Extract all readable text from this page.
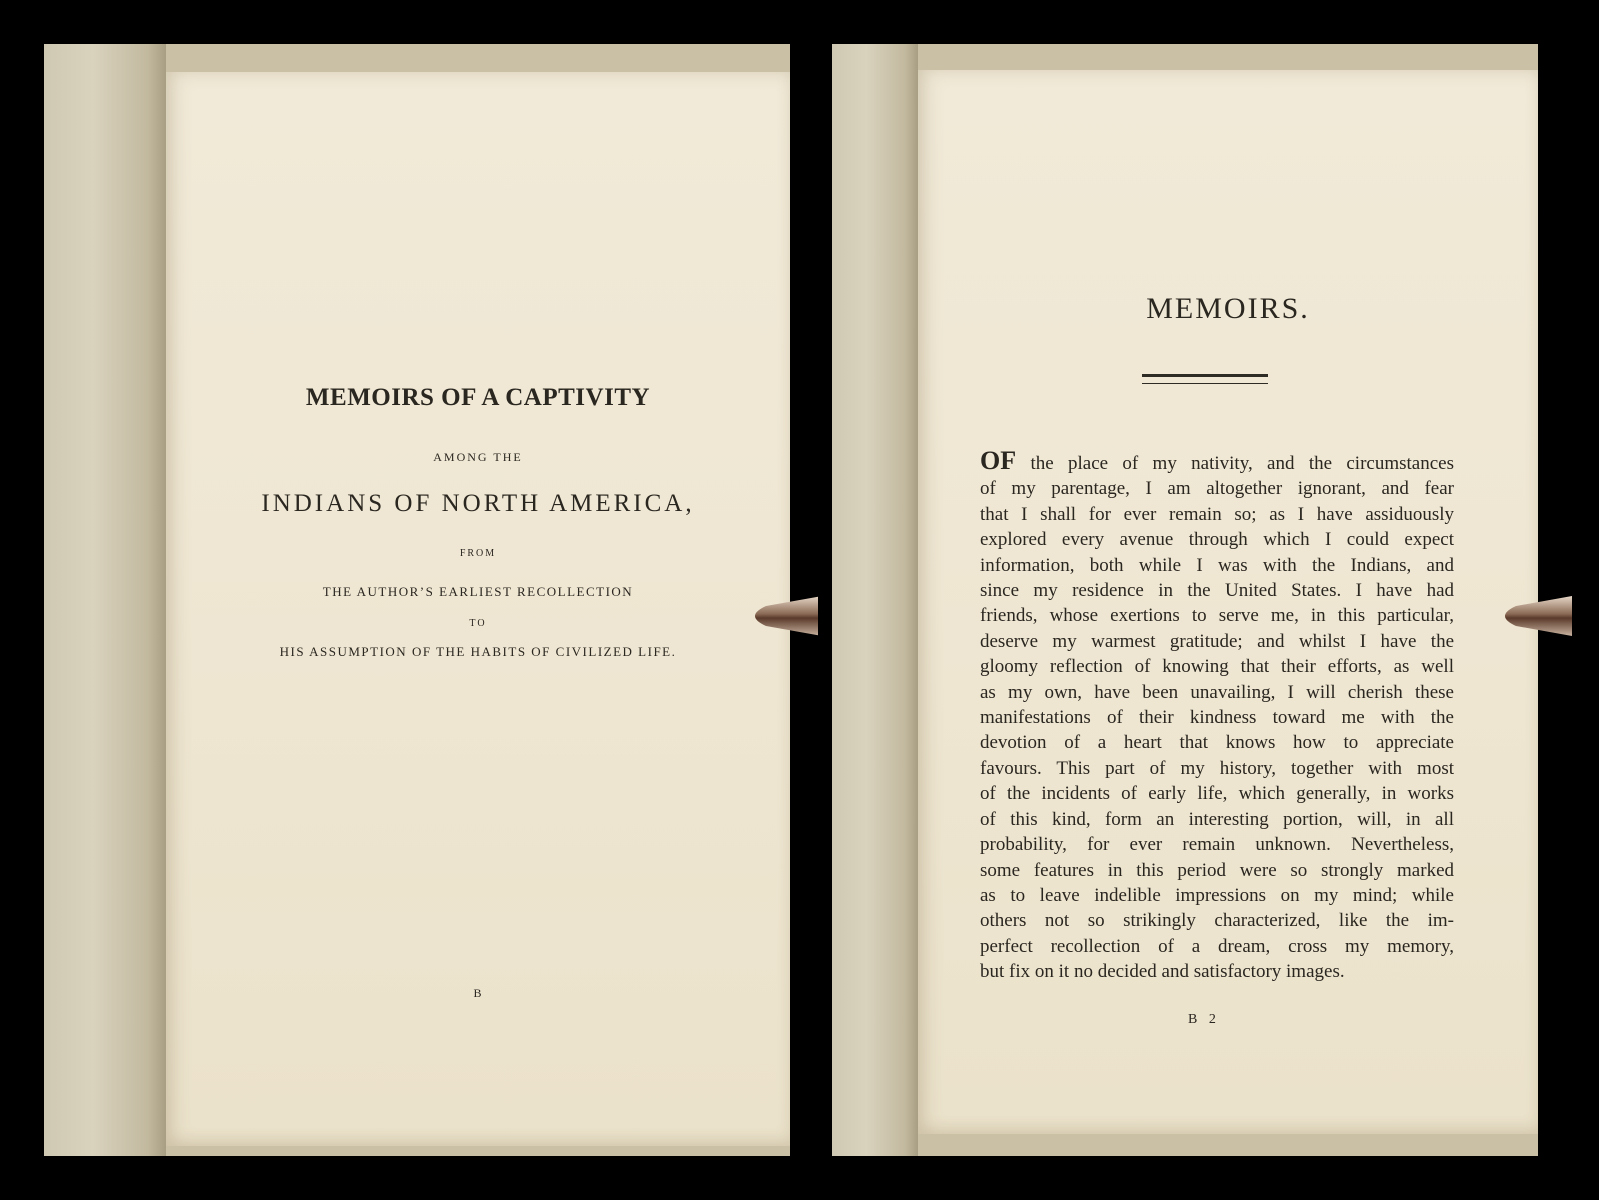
MEMOIRS OF A CAPTIVITY
AMONG THE
INDIANS OF NORTH AMERICA,
FROM
THE AUTHOR’S EARLIEST RECOLLECTION
TO
HIS ASSUMPTION OF THE HABITS OF CIVILIZED LIFE.
B
MEMOIRS.
OF the place of my nativity, and the circumstances
of my parentage, I am altogether ignorant, and fear
that I shall for ever remain so; as I have assiduously
explored every avenue through which I could expect
information, both while I was with the Indians, and
since my residence in the United States. I have had
friends, whose exertions to serve me, in this particular,
deserve my warmest gratitude; and whilst I have the
gloomy reflection of knowing that their efforts, as well
as my own, have been unavailing, I will cherish these
manifestations of their kindness toward me with the
devotion of a heart that knows how to appreciate
favours. This part of my history, together with most
of the incidents of early life, which generally, in works
of this kind, form an interesting portion, will, in all
probability, for ever remain unknown. Nevertheless,
some features in this period were so strongly marked
as to leave indelible impressions on my mind; while
others not so strikingly characterized, like the im-
perfect recollection of a dream, cross my memory,
but fix on it no decided and satisfactory images.
B 2
